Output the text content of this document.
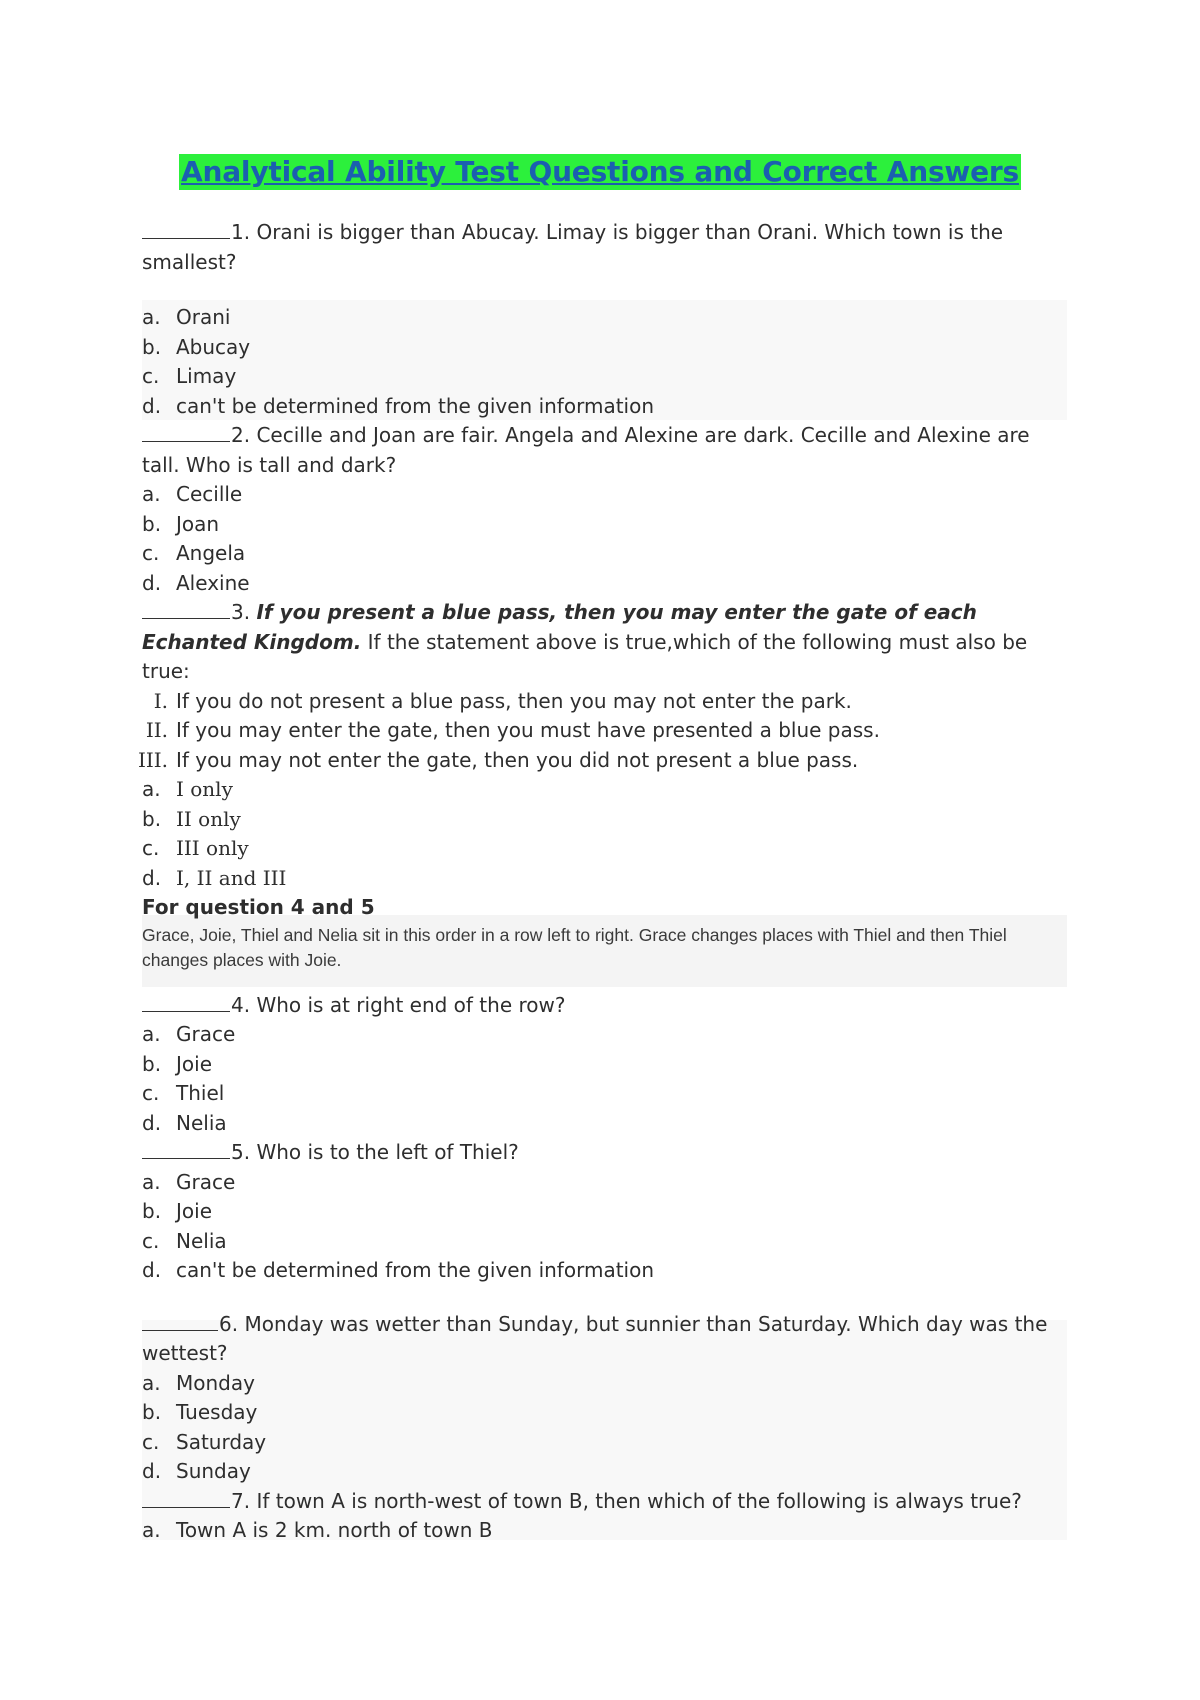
Analytical Ability Test Questions and Correct Answers

1. Orani is bigger than Abucay. Limay is bigger than Orani. Which town is the smallest?

a. Orani
b. Abucay
c. Limay
d. can't be determined from the given information

2. Cecille and Joan are fair. Angela and Alexine are dark. Cecille and Alexine are tall. Who is tall and dark?

a. Cecille
b. Joan
c. Angela
d. Alexine

3. If you present a blue pass, then you may enter the gate of each Echanted Kingdom. If the statement above is true,which of the following must also be true:

I. If you do not present a blue pass, then you may not enter the park.
II. If you may enter the gate, then you must have presented a blue pass.
III. If you may not enter the gate, then you did not present a blue pass.
a. I only
b. II only
c. III only
d. I, II and III

For question 4 and 5

Grace, Joie, Thiel and Nelia sit in this order in a row left to right. Grace changes places with Thiel and then Thiel changes places with Joie.

4. Who is at right end of the row?

a. Grace
b. Joie
c. Thiel
d. Nelia

5. Who is to the left of Thiel?

a. Grace
b. Joie
c. Nelia
d. can't be determined from the given information

6. Monday was wetter than Sunday, but sunnier than Saturday. Which day was the wettest?

a. Monday
b. Tuesday
c. Saturday
d. Sunday

7. If town A is north-west of town B, then which of the following is always true?

a. Town A is 2 km. north of town B
